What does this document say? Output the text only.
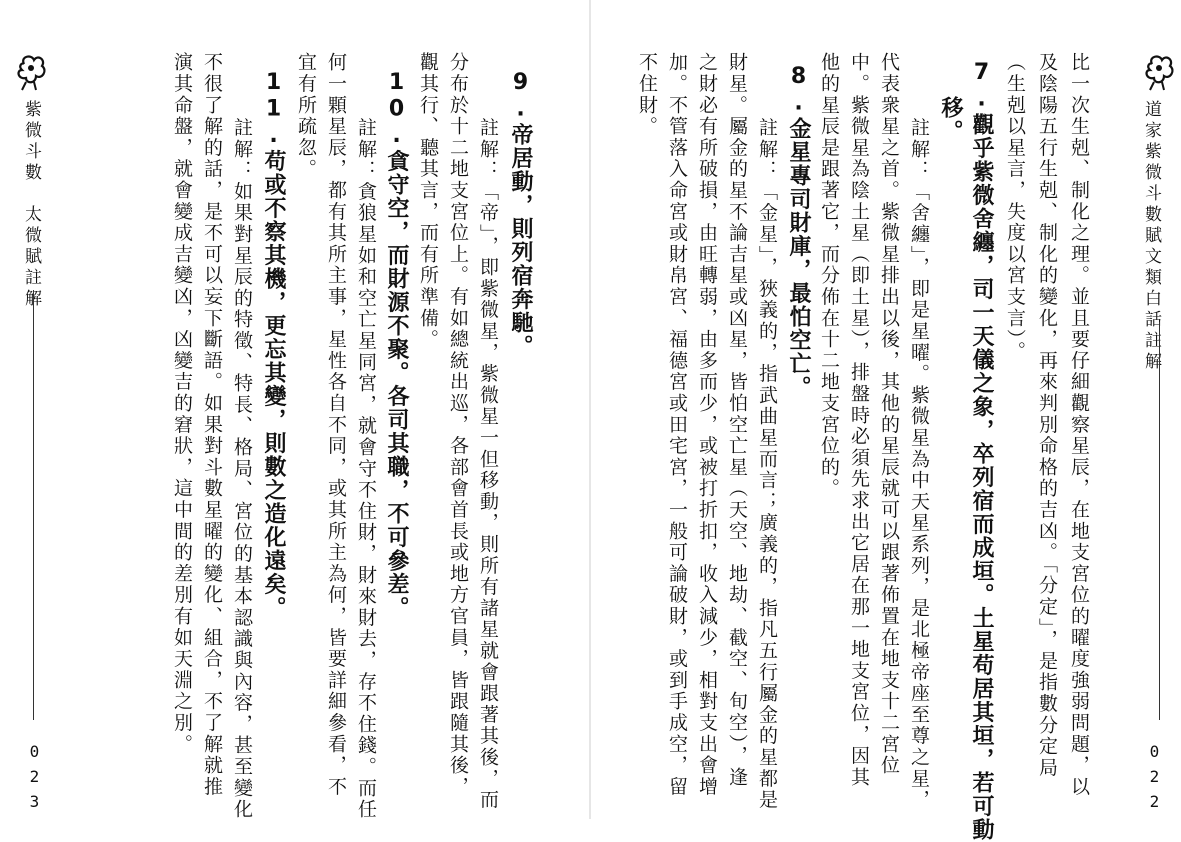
道家紫微斗數賦文類白話註解
022
比一次生剋、制化之理。並且要仔細觀察星辰，在地支宮位的曜度強弱問題，以
及陰陽五行生剋、制化的變化，再來判別命格的吉凶。「分定」，是指數分定局
（生剋以星言，失度以宮支言）。
7.觀乎紫微舍纏，司一天儀之象，卒列宿而成垣。土星苟居其垣，若可動
移。
　註解：「舍纏」，即是星曜。紫微星為中天星系列，是北極帝座至尊之星，
代表衆星之首。紫微星排出以後，其他的星辰就可以跟著佈置在地支十二宮位
中。紫微星為陰土星（即土星），排盤時必須先求出它居在那一地支宮位，因其
他的星辰是跟著它，而分佈在十二地支宮位的。
8.金星專司財庫，最怕空亡。
　註解：「金星」，狹義的，指武曲星而言；廣義的，指凡五行屬金的星都是
財星。屬金的星不論吉星或凶星，皆怕空亡星（天空、地劫、截空、旬空），逢
之財必有所破損，由旺轉弱，由多而少，或被打折扣，收入減少，相對支出會增
加。不管落入命宮或財帛宮、福德宮或田宅宮，一般可論破財，或到手成空，留
不住財。
紫微斗數　太微賦註解
023
9.帝居動，則列宿奔馳。
　註解：「帝」，即紫微星，紫微星一但移動，則所有諸星就會跟著其後，而
分布於十二地支宮位上。有如總統出巡，各部會首長或地方官員，皆跟隨其後，
觀其行、聽其言，而有所準備。
10.貪守空，而財源不聚。各司其職，不可參差。
　註解：貪狼星如和空亡星同宮，就會守不住財，財來財去，存不住錢。而任
何一顆星辰，都有其所主事，星性各自不同，或其所主為何，皆要詳細參看，不
宜有所疏忽。
11.苟或不察其機，更忘其變，則數之造化遠矣。
　註解：如果對星辰的特徵、特長、格局、宮位的基本認識與內容，甚至變化
不很了解的話，是不可以妄下斷語。如果對斗數星曜的變化、組合，不了解就推
演其命盤，就會變成吉變凶，凶變吉的窘狀，這中間的差別有如天淵之別。
